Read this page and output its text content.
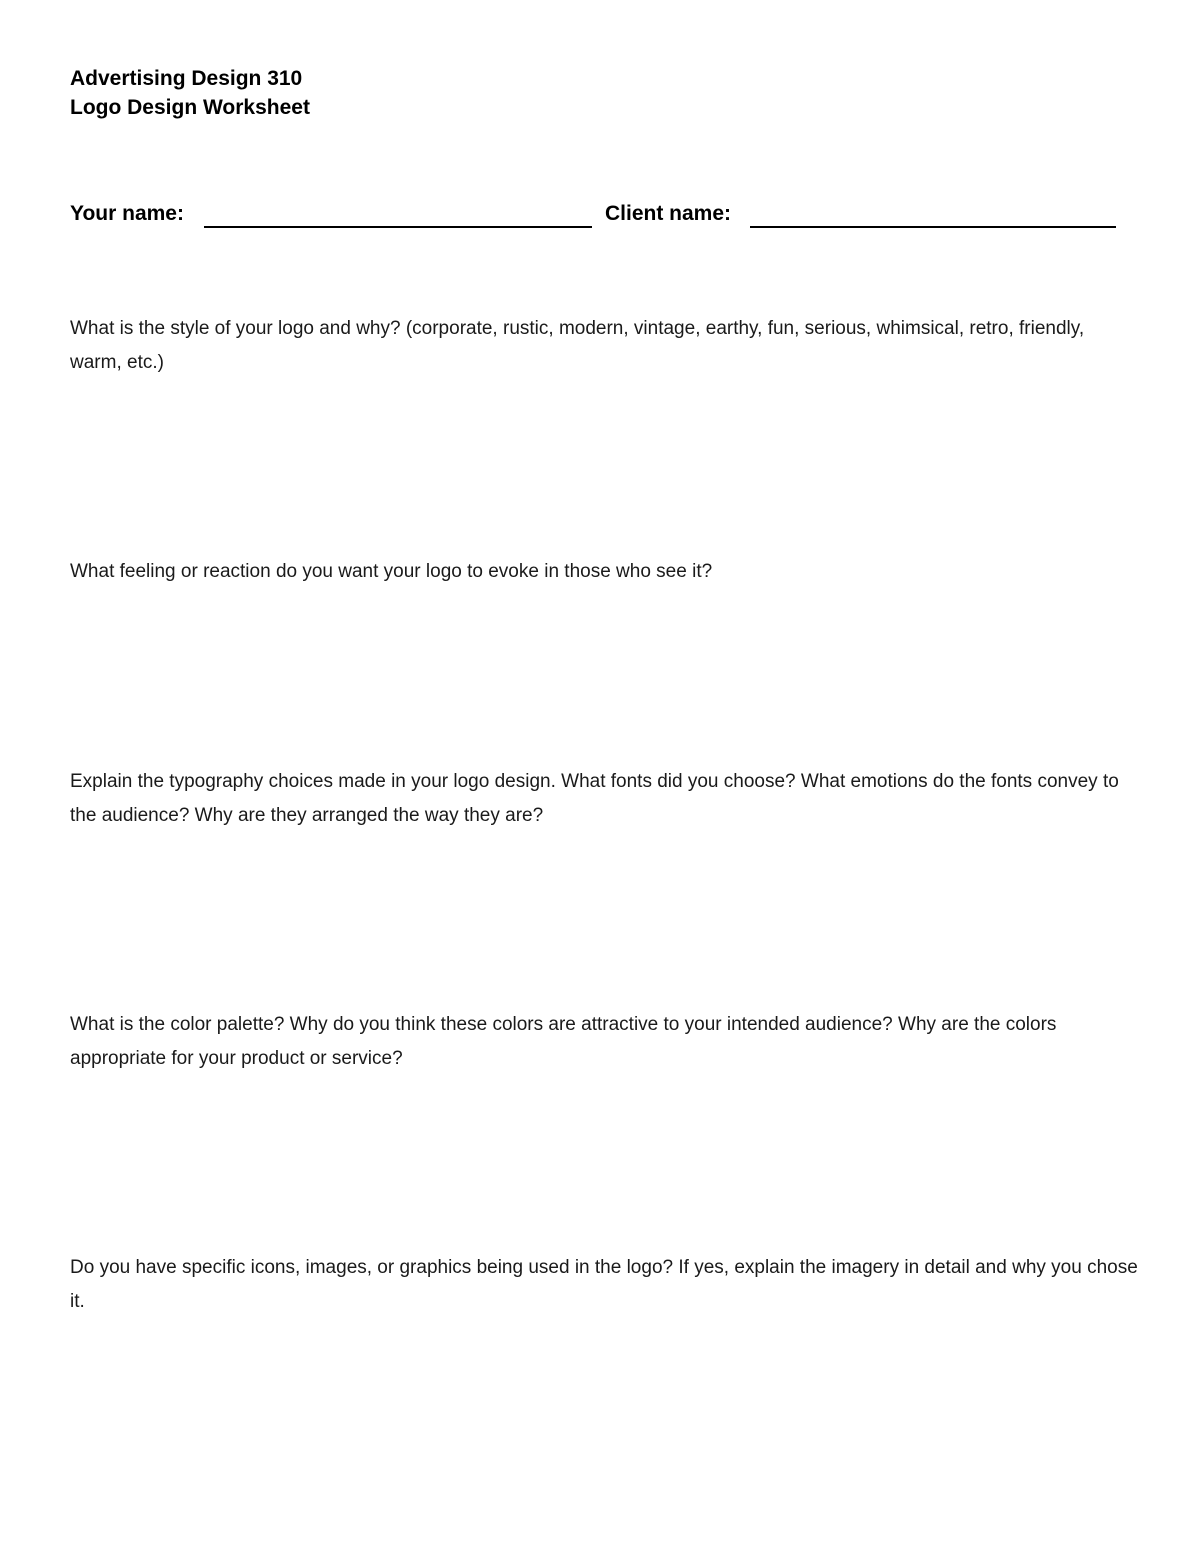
Advertising Design 310
Logo Design Worksheet
Your name:	Client name:

What is the style of your logo and why? (corporate, rustic, modern, vintage, earthy, fun, serious, whimsical, retro, friendly, warm, etc.)

What feeling or reaction do you want your logo to evoke in those who see it?

Explain the typography choices made in your logo design. What fonts did you choose? What emotions do the fonts convey to the audience? Why are they arranged the way they are?

What is the color palette? Why do you think these colors are attractive to your intended audience? Why are the colors appropriate for your product or service?

Do you have specific icons, images, or graphics being used in the logo? If yes, explain the imagery in detail and why you chose it.
